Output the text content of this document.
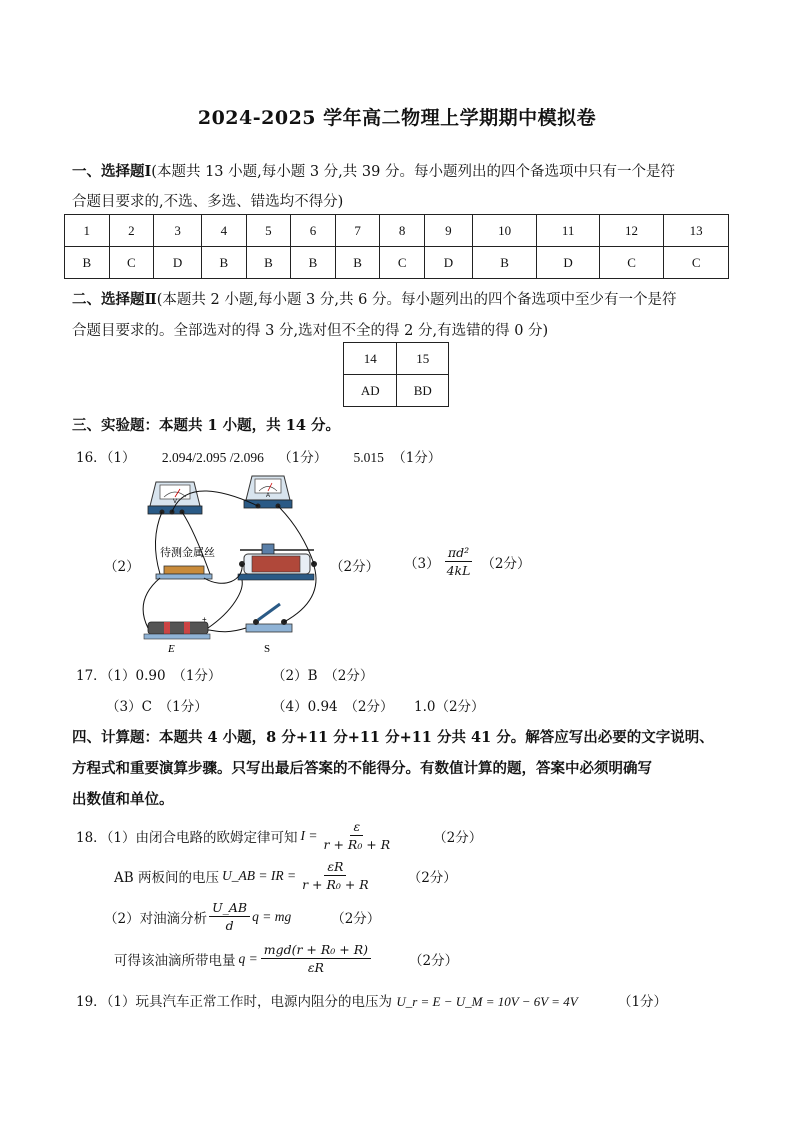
2024-2025 学年高二物理上学期期中模拟卷
一、选择题Ⅰ(本题共 13 小题,每小题 3 分,共 39 分。每小题列出的四个备选项中只有一个是符
合题目要求的,不选、多选、错选均不得分)
1	2	3	4	5	6	7	8	9	10	11	12	13
B	C	D	B	B	B	B	C	D	B	D	C	C
二、选择题Ⅱ(本题共 2 小题,每小题 3 分,共 6 分。每小题列出的四个备选项中至少有一个是符
合题目要求的。全部选对的得 3 分,选对但不全的得 2 分,有选错的得 0 分)
14	15
AD	BD
三、实验题：本题共 1 小题，共 14 分。
16．（1） 2.094/2.095 /2.096 （1分） 5.015 （1分）
（2）
V
A
待测金属丝
+
E	S
（2分） $(3) \frac{\text{πd²}}{4kL} (2$分）
17．（1）0.90　（1分）	（2）B　（2分）
（3）C　（1分）	（4）0.94　（2分） 1.0（2分）
四、计算题：本题共 4 小题，8 分+11 分+11 分+11 分共 41 分。解答应写出必要的文字说明、
方程式和重要演算步骤。只写出最后答案的不能得分。有数值计算的题，答案中必须明确写
出数值和单位。
18．（1）由闭合电路的欧姆定律可知 $I = \frac{\varepsilon}{\text{r + R₀ + R}}$	（2分）
AB 两板间的电压 U_AB = IR = $\frac{\varepsilon R}{\text{r + R₀ + R}}$	（2分）
（2）对油滴分析 $\frac{U\_AB}{d}$ q = mg	（2分）
可得该油滴所带电量 $q = \frac{\text{mgd(r + R₀ + R)}}{\varepsilon R}$	（2分）
19．（1）玩具汽车正常工作时，电源内阻分的电压为 U_r = E − U_M = 10V − 6V = 4V	（1分）
